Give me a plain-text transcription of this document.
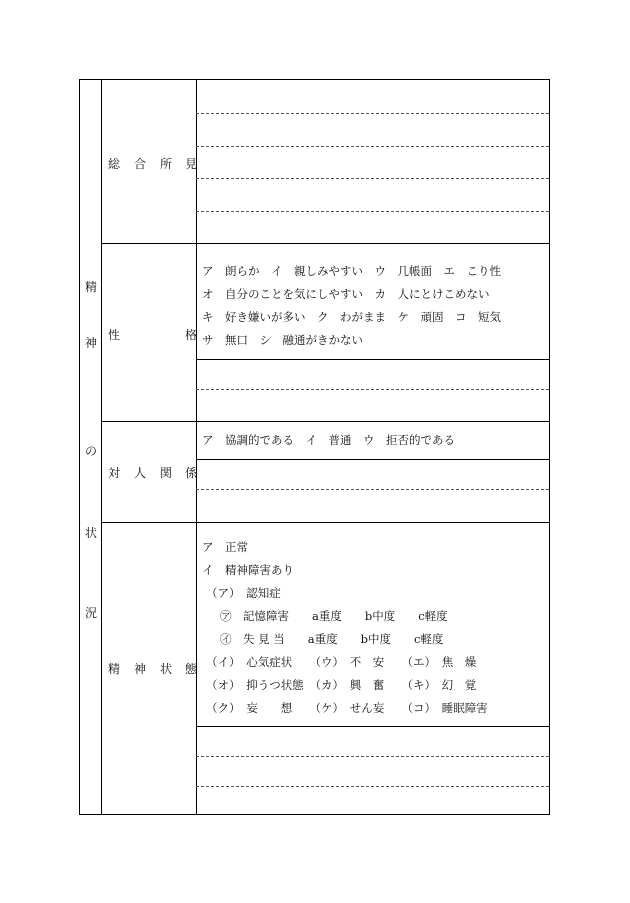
精
神
の
状
況
総 合 所 見
性	格
対 人 関 係
精 神 状 態
ア　朗らか　イ　親しみやすい　ウ　几帳面　エ　こり性
オ　自分のことを気にしやすい　カ　人にとけこめない
キ　好き嫌いが多い　ク　わがまま　ケ　頑固　コ　短気
サ　無口　シ　融通がきかない
ア　協調的である　イ　普通　ウ　拒否的である
ア　正常
イ　精神障害あり
（ア）　認知症
㋐　記憶障害　　a重度　　b中度　　c軽度
㋑　失 見 当　　a重度　　b中度　　c軽度
（イ）　心気症状　　（ウ）　不　安　　（エ）　焦　燥
（オ）　抑うつ状態　（カ）　興　奮　　（キ）　幻　覚
（ク）　妄　　想　　（ケ）　せん妄　　（コ）　睡眠障害
